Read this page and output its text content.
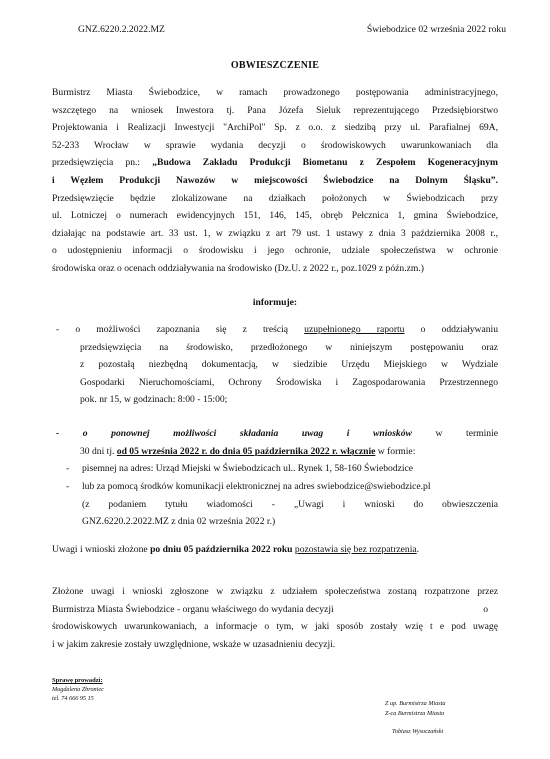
GNZ.6220.2.2022.MZ	Świebodzice 02 września 2022 roku
OBWIESZCZENIE
Burmistrz Miasta Świebodzice, w ramach prowadzonego postępowania administracyjnego,
wszczętego na wniosek Inwestora tj. Pana Józefa Sieluk reprezentującego Przedsiębiorstwo
Projektowania i Realizacji Inwestycji "ArchiPol" Sp. z o.o. z siedzibą przy ul. Parafialnej 69A,
52-233 Wrocław w sprawie wydania decyzji o środowiskowych uwarunkowaniach dla
przedsięwzięcia pn.: „Budowa Zakładu Produkcji Biometanu z Zespołem Kogeneracyjnym
i Węzłem Produkcji Nawozów w miejscowości Świebodzice na Dolnym Śląsku”.
Przedsięwzięcie będzie zlokalizowane na działkach położonych w Świebodzicach przy
ul. Lotniczej o numerach ewidencyjnych 151, 146, 145, obręb Pełcznica 1, gmina Świebodzice,
działając na podstawie art. 33 ust. 1, w związku z art 79 ust. 1 ustawy z dnia 3 października 2008 r.,
o udostępnieniu informacji o środowisku i jego ochronie, udziale społeczeństwa w ochronie
środowiska oraz o ocenach oddziaływania na środowisko (Dz.U. z 2022 r., poz.1029 z późn.zm.)
informuje:
- o możliwości zapoznania się z treścią uzupełnionego raportu o oddziaływaniu
przedsięwzięcia na środowisko, przedłożonego w niniejszym postępowaniu oraz
z pozostałą niezbędną dokumentacją, w siedzibie Urzędu Miejskiego w Wydziale
Gospodarki Nieruchomościami, Ochrony Środowiska i Zagospodarowania Przestrzennego
pok. nr 15, w godzinach: 8:00 - 15:00;
- o ponownej możliwości składania uwag i wniosków w terminie
30 dni tj. od 05 września 2022 r. do dnia 05 października 2022 r. włącznie w formie:
-	pisemnej na adres: Urząd Miejski w Świebodzicach ul.. Rynek 1, 58-160 Świebodzice
-	lub za pomocą środków komunikacji elektronicznej na adres swiebodzice@swiebodzice.pl
(z podaniem tytułu wiadomości - „Uwagi i wnioski do obwieszczenia
GNZ.6220.2.2022.MZ z dnia 02 września 2022 r.)
Uwagi i wnioski złożone po dniu 05 października 2022 roku pozostawia się bez rozpatrzenia.
Złożone uwagi i wnioski zgłoszone w związku z udziałem społeczeństwa zostaną rozpatrzone przez
Burmistrza Miasta Świebodzice - organu właściwego do wydania decyzji	o
środowiskowych uwarunkowaniach, a informacje o tym, w jaki sposób zostały wzię t e pod uwagę
i w jakim zakresie zostały uwzględnione, wskaże w uzasadnieniu decyzji.
Sprawę prowadzi:
Magdalena Zbroniec
tel. 74 666 95 15
Z up. Burmistrza Miasta
Z-ca Burmistrza Miasta
Tobiasz Wysoczański
